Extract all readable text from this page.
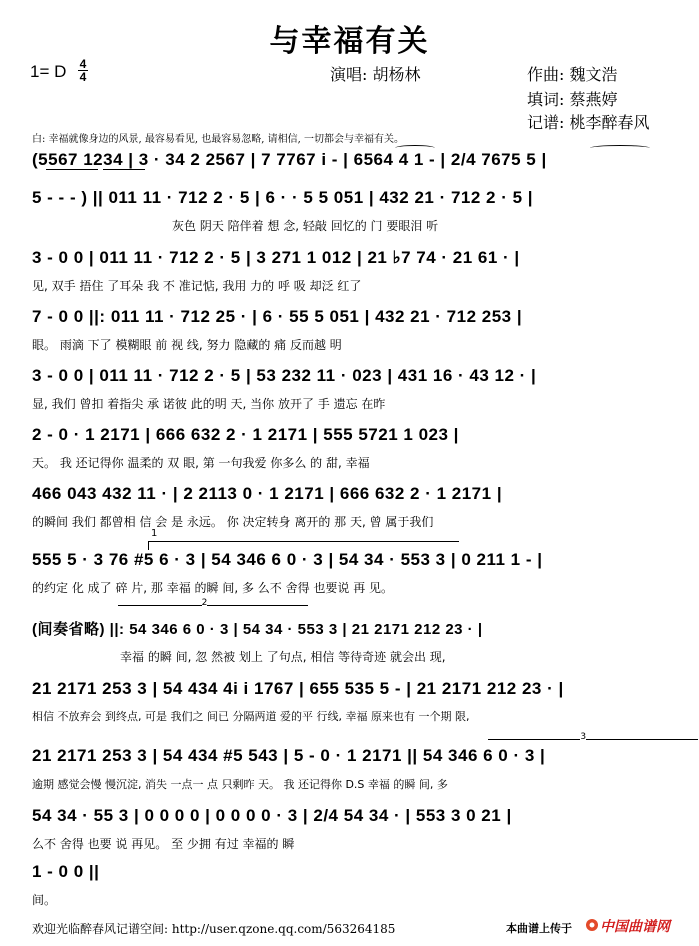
与幸福有关
1= D 4
4	演唱: 胡杨林	作曲: 魏文浩
填词: 蔡燕婷
记谱: 桃李醉春风
白: 幸福就像身边的风景, 最容易看见, 也最容易忽略, 请相信, 一切都会与幸福有关。
(5567 1234 | 3 · 34 2 2567 | 7 7767 i - | 6564 4 1 - | 2/4 7675 5 |
5 - - - ) || 011 11 · 712 2 · 5 | 6 · · 5 5 051 | 432 21 · 712 2 · 5 |
灰色 阴天 陪伴着 想 念, 轻敲 回忆的 门 要眼泪 听
3 - 0 0 | 011 11 · 712 2 · 5 | 3 271 1 012 | 21 ♭7 74 · 21 61 · |
见, 双手 捂住 了耳朵 我 不 准记惦, 我用 力的 呼 吸 却泛 红了
7 - 0 0 ||: 011 11 · 712 25 · | 6 · 55 5 051 | 432 21 · 712 253 |
眼。 雨滴 下了 模糊眼 前 视 线, 努力 隐藏的 痛 反而越 明
3 - 0 0 | 011 11 · 712 2 · 5 | 53 232 11 · 023 | 431 16 · 43 12 · |
显, 我们 曾扣 着指尖 承 诺彼 此的明 天, 当你 放开了 手 遗忘 在昨
2 - 0 · 1 2171 | 666 632 2 · 1 2171 | 555 5721 1 023 |
天。 我 还记得你 温柔的 双 眼, 第 一句我爱 你多么 的 甜, 幸福
466 043 432 11 · | 2 2113 0 · 1 2171 | 666 632 2 · 1 2171 |
的瞬间 我们 都曾相 信 会 是 永远。 你 决定转身 离开的 那 天, 曾 属于我们
1
555 5 · 3 76 #5 6 · 3 | 54 346 6 0 · 3 | 54 34 · 553 3 | 0 211 1 - |
的约定 化 成了 碎 片, 那 幸福 的瞬 间, 多 么不 舍得 也要说 再 见。
2
(间奏省略) ||: 54 346 6 0 · 3 | 54 34 · 553 3 | 21 2171 212 23 · |
幸福 的瞬 间, 忽 然被 划上 了句点, 相信 等待奇迹 就会出 现,
21 2171 253 3 | 54 434 4i i 1767 | 655 535 5 - | 21 2171 212 23 · |
相信 不放弃会 到终点, 可是 我们之 间已 分隔两道 爱的平 行线, 幸福 原来也有 一个期 限,
3
21 2171 253 3 | 54 434 #5 543 | 5 - 0 · 1 2171 || 54 346 6 0 · 3 |
逾期 感觉会慢 慢沉淀, 消失 一点一 点 只剩昨 天。 我 还记得你 D.S 幸福 的瞬 间, 多
54 34 · 55 3 | 0 0 0 0 | 0 0 0 0 · 3 | 2/4 54 34 · | 553 3 0 21 |
么不 舍得 也要 说 再见。 至 少拥 有过 幸福的 瞬
1 - 0 0 ||
间。
欢迎光临醉春风记谱空间: http://user.qzone.qq.com/563264185	本曲谱上传于 中国曲谱网
